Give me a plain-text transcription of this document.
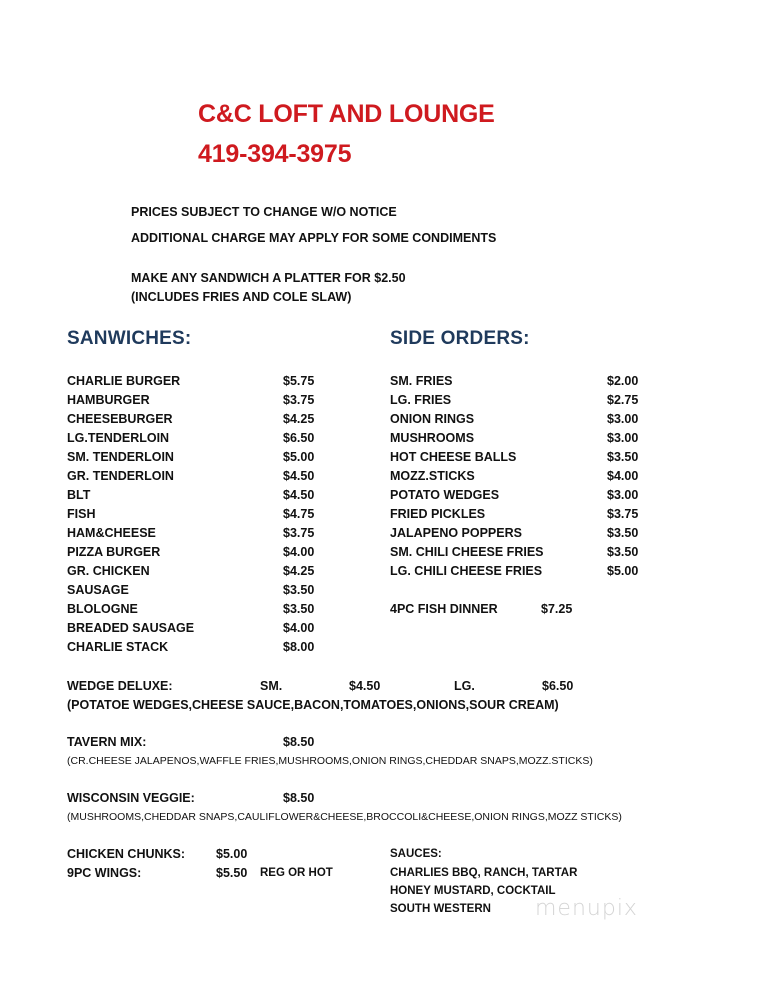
C&C LOFT AND LOUNGE
419-394-3975
PRICES SUBJECT TO CHANGE W/O NOTICE
ADDITIONAL CHARGE MAY APPLY FOR SOME CONDIMENTS
MAKE ANY SANDWICH A PLATTER FOR $2.50
(INCLUDES FRIES AND COLE SLAW)
SANWICHES:	SIDE ORDERS:
CHARLIE BURGER	$5.75
HAMBURGER	$3.75
CHEESEBURGER	$4.25
LG.TENDERLOIN	$6.50
SM. TENDERLOIN	$5.00
GR. TENDERLOIN	$4.50
BLT	$4.50
FISH	$4.75
HAM&CHEESE	$3.75
PIZZA BURGER	$4.00
GR. CHICKEN	$4.25
SAUSAGE	$3.50
BLOLOGNE	$3.50
BREADED SAUSAGE	$4.00
CHARLIE STACK	$8.00
SM. FRIES	$2.00
LG. FRIES	$2.75
ONION RINGS	$3.00
MUSHROOMS	$3.00
HOT CHEESE BALLS	$3.50
MOZZ.STICKS	$4.00
POTATO WEDGES	$3.00
FRIED PICKLES	$3.75
JALAPENO POPPERS	$3.50
SM. CHILI CHEESE FRIES	$3.50
LG. CHILI CHEESE FRIES	$5.00
4PC FISH DINNER	$7.25
WEDGE DELUXE:	SM.	$4.50	LG.	$6.50
(POTATOE WEDGES,CHEESE SAUCE,BACON,TOMATOES,ONIONS,SOUR CREAM)
TAVERN MIX:	$8.50
(CR.CHEESE JALAPENOS,WAFFLE FRIES,MUSHROOMS,ONION RINGS,CHEDDAR SNAPS,MOZZ.STICKS)
WISCONSIN VEGGIE:	$8.50
(MUSHROOMS,CHEDDAR SNAPS,CAULIFLOWER&CHEESE,BROCCOLI&CHEESE,ONION RINGS,MOZZ STICKS)
CHICKEN CHUNKS: $5.00
9PC WINGS:	$5.50 REG OR HOT
SAUCES:
CHARLIES BBQ, RANCH, TARTAR
HONEY MUSTARD, COCKTAIL
SOUTH WESTERN menupix
